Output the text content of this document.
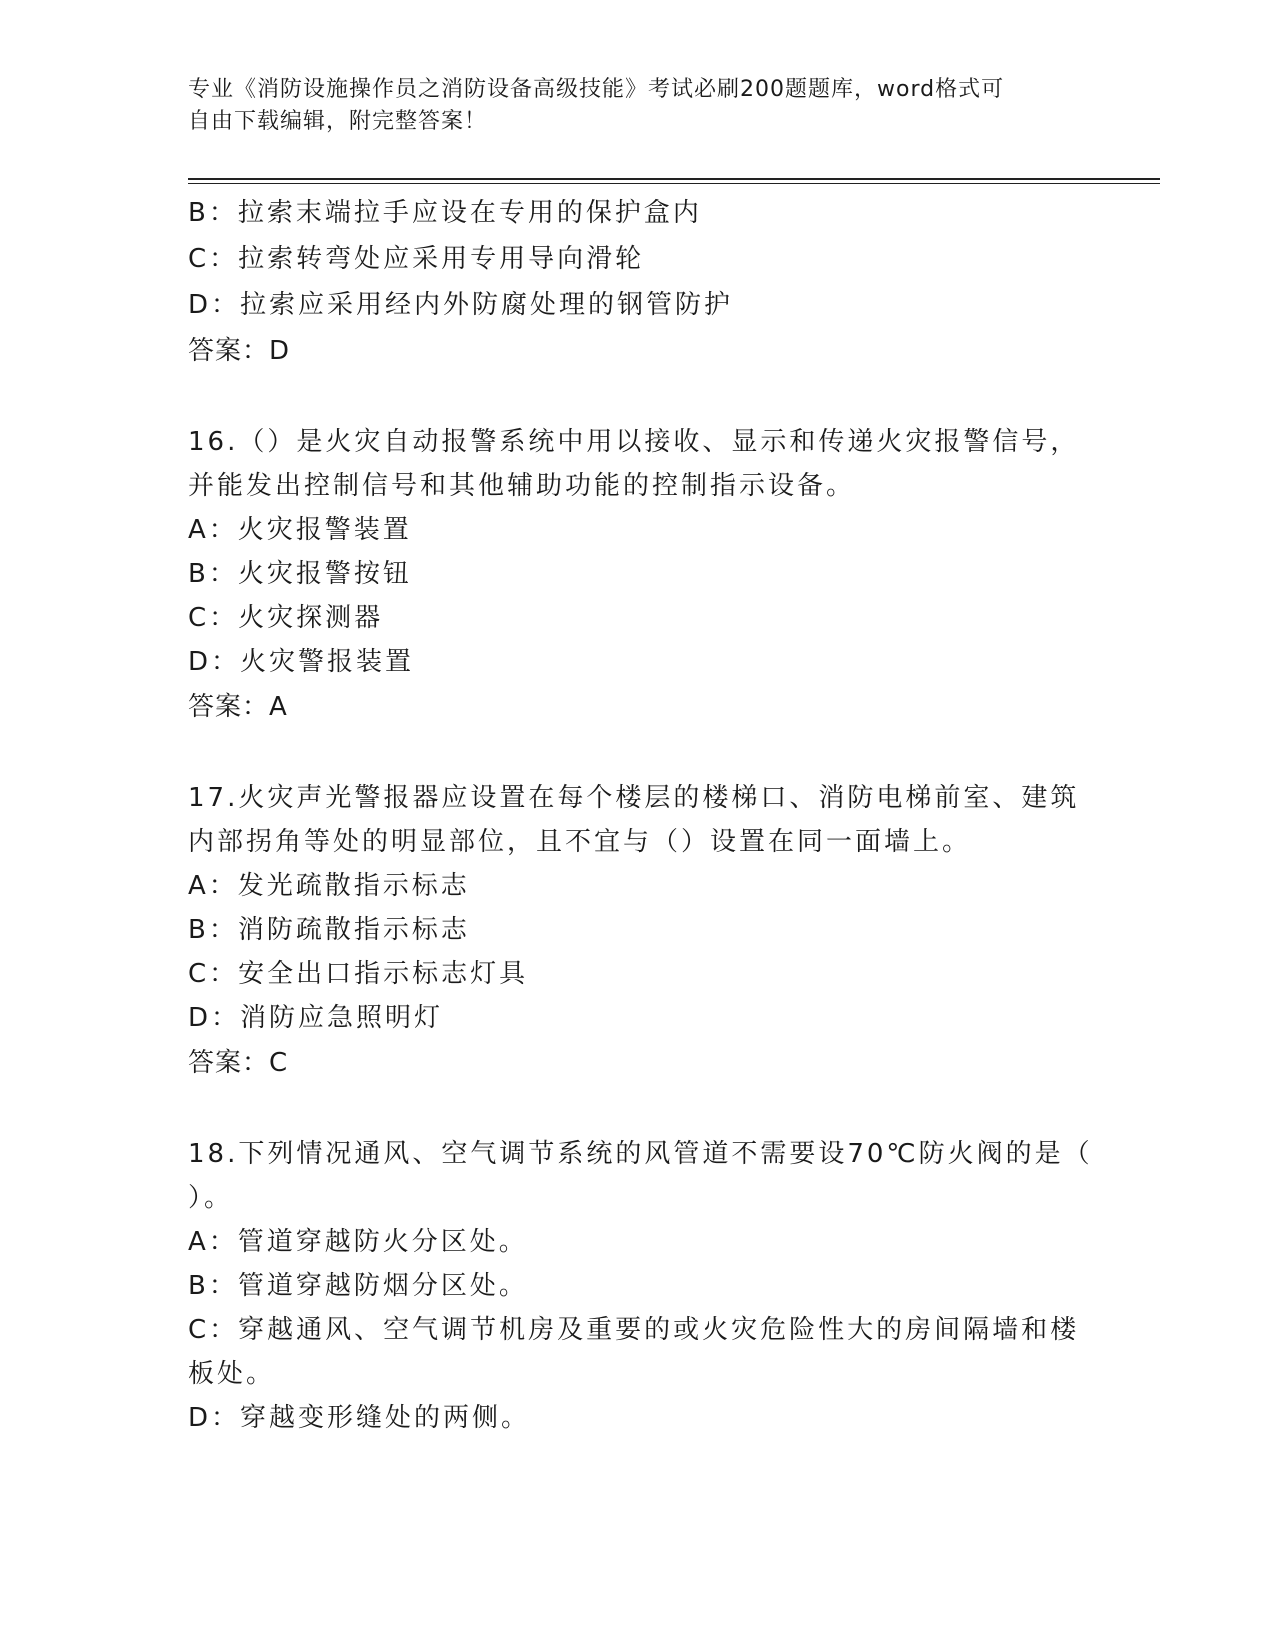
专业《消防设施操作员之消防设备高级技能》考试必刷200题题库，word格式可
自由下载编辑，附完整答案！
B：拉索末端拉手应设在专用的保护盒内
C：拉索转弯处应采用专用导向滑轮
D：拉索应采用经内外防腐处理的钢管防护
答案：D
16.（）是火灾自动报警系统中用以接收、显示和传递火灾报警信号，
并能发出控制信号和其他辅助功能的控制指示设备。
A：火灾报警装置
B：火灾报警按钮
C：火灾探测器
D：火灾警报装置
答案：A
17.火灾声光警报器应设置在每个楼层的楼梯口、消防电梯前室、建筑
内部拐角等处的明显部位，且不宜与（）设置在同一面墙上。
A：发光疏散指示标志
B：消防疏散指示标志
C：安全出口指示标志灯具
D：消防应急照明灯
答案：C
18.下列情况通风、空气调节系统的风管道不需要设70℃防火阀的是（
）。
A：管道穿越防火分区处。
B：管道穿越防烟分区处。
C：穿越通风、空气调节机房及重要的或火灾危险性大的房间隔墙和楼
板处。
D：穿越变形缝处的两侧。
